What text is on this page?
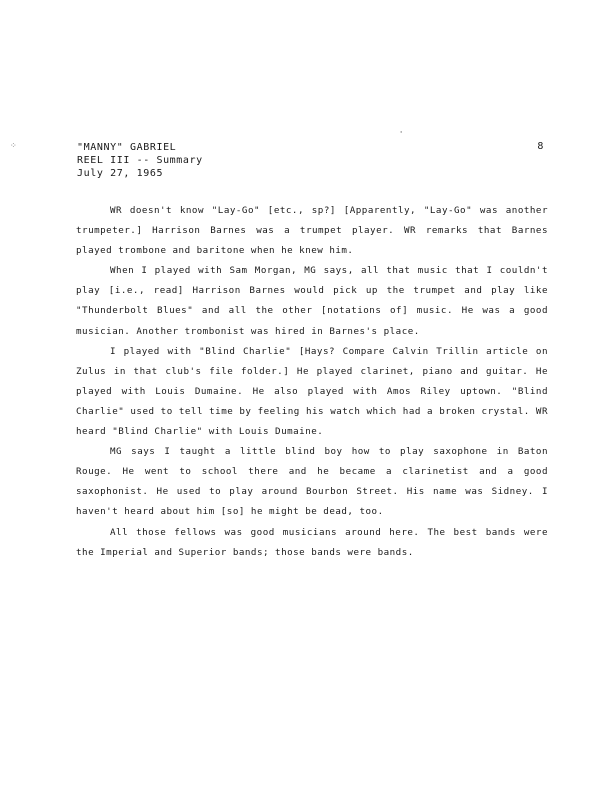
⁘
'
"MANNY" GABRIEL
REEL III -- Summary
July 27, 1965
8

WR doesn't know "Lay-Go" [etc., sp?] [Apparently, "Lay-Go" was another trumpeter.] Harrison Barnes was a trumpet player. WR remarks that Barnes played trombone and baritone when he knew him.

When I played with Sam Morgan, MG says, all that music that I couldn't play [i.e., read] Harrison Barnes would pick up the trumpet and play like "Thunderbolt Blues" and all the other [notations of] music. He was a good musician. Another trombonist was hired in Barnes's place.

I played with "Blind Charlie" [Hays? Compare Calvin Trillin article on Zulus in that club's file folder.] He played clarinet, piano and guitar. He played with Louis Dumaine. He also played with Amos Riley uptown. "Blind Charlie" used to tell time by feeling his watch which had a broken crystal. WR heard "Blind Charlie" with Louis Dumaine.

MG says I taught a little blind boy how to play saxophone in Baton Rouge. He went to school there and he became a clarinetist and a good saxophonist. He used to play around Bourbon Street. His name was Sidney. I haven't heard about him [so] he might be dead, too.

All those fellows was good musicians around here. The best bands were the Imperial and Superior bands; those bands were bands.
